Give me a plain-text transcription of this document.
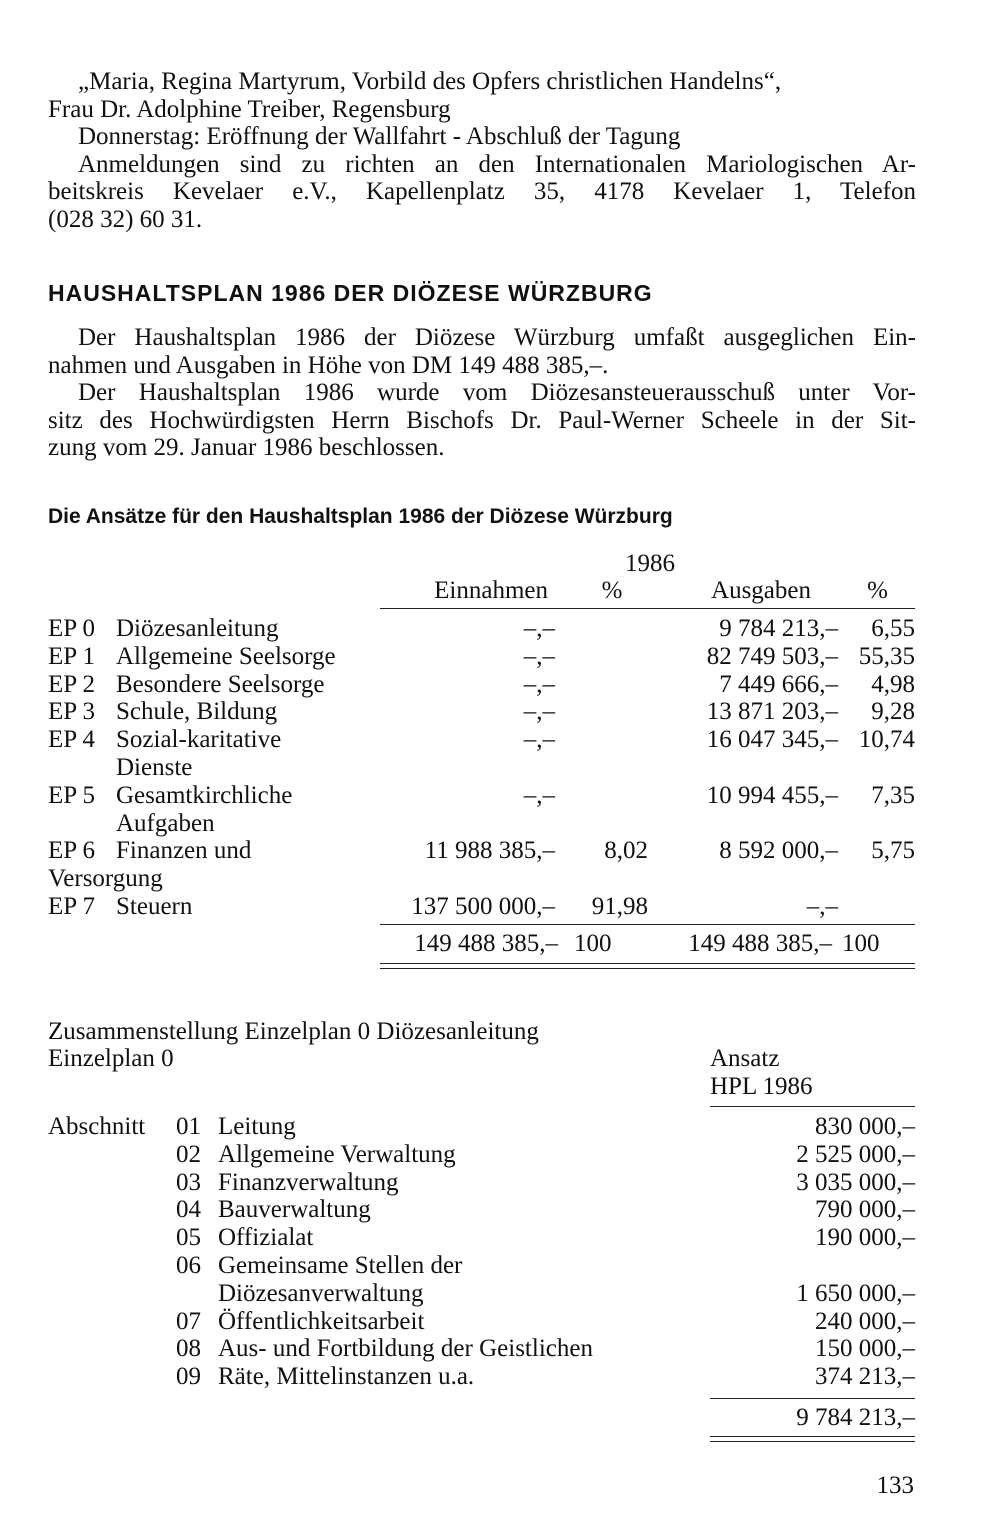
„Maria, Regina Martyrum, Vorbild des Opfers christlichen Handelns“,
Frau Dr. Adolphine Treiber, Regensburg
Donnerstag: Eröffnung der Wallfahrt - Abschluß der Tagung
Anmeldungen sind zu richten an den Internationalen Mariologischen Ar-
beitskreis Kevelaer e.V., Kapellenplatz 35, 4178 Kevelaer 1, Telefon
(028 32) 60 31.
HAUSHALTSPLAN 1986 DER DIÖZESE WÜRZBURG
Der Haushaltsplan 1986 der Diözese Würzburg umfaßt ausgeglichen Ein-
nahmen und Ausgaben in Höhe von DM 149 488 385,–.
Der Haushaltsplan 1986 wurde vom Diözesansteuerausschuß unter Vor-
sitz des Hochwürdigsten Herrn Bischofs Dr. Paul-Werner Scheele in der Sit-
zung vom 29. Januar 1986 beschlossen.
Die Ansätze für den Haushaltsplan 1986 der Diözese Würzburg
1986
Einnahmen	%	Ausgaben	%
EP 0 Diözesanleitung	–,–	9 784 213,–	6,55
EP 1 Allgemeine Seelsorge	–,–	82 749 503,– 55,35
EP 2 Besondere Seelsorge	–,–	7 449 666,–	4,98
EP 3 Schule, Bildung	–,–	13 871 203,–	9,28
EP 4 Sozial-karitative
Dienste
–,–	16 047 345,– 10,74
EP 5 Gesamtkirchliche
Aufgaben
–,–	10 994 455,–	7,35
EP 6 Finanzen und
Versorgung
11 988 385,–	8,02	8 592 000,–	5,75
EP 7 Steuern	137 500 000,–	91,98	–,–
149 488 385,– 100	149 488 385,– 100
Zusammenstellung Einzelplan 0 Diözesanleitung
Einzelplan 0	Ansatz
HPL 1986
Abschnitt 01 Leitung	830 000,–
02 Allgemeine Verwaltung	2 525 000,–
03 Finanzverwaltung	3 035 000,–
04 Bauverwaltung	790 000,–
05 Offizialat	190 000,–
06 Gemeinsame Stellen der
Diözesanverwaltung	1 650 000,–
07 Öffentlichkeitsarbeit	240 000,–
08 Aus- und Fortbildung der Geistlichen	150 000,–
09 Räte, Mittelinstanzen u.a.	374 213,–
9 784 213,–
133
